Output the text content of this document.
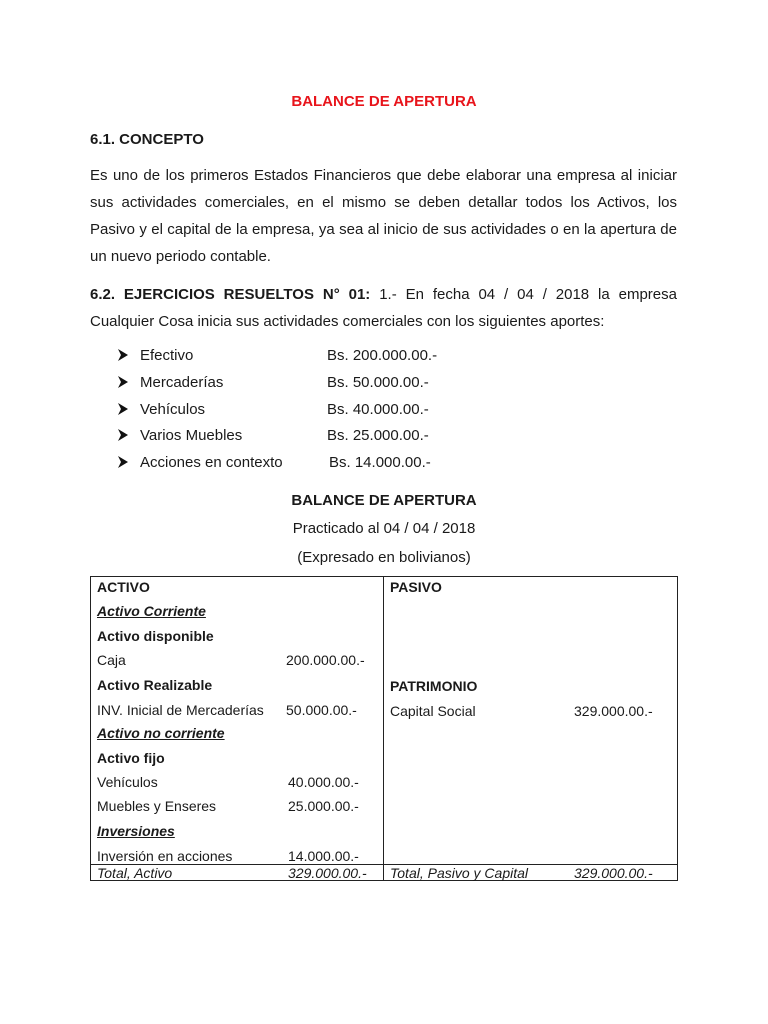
BALANCE DE APERTURA
6.1. CONCEPTO
Es uno de los primeros Estados Financieros que debe elaborar una empresa al iniciar
sus actividades comerciales, en el mismo se deben detallar todos los Activos, los
Pasivo y el capital de la empresa, ya sea al inicio de sus actividades o en la apertura de
un nuevo periodo contable.
6.2. EJERCICIOS RESUELTOS N° 01: 1.- En fecha 04 / 04 / 2018 la empresa
Cualquier Cosa inicia sus actividades comerciales con los siguientes aportes:
Efectivo	Bs. 200.000.00.-
Mercaderías	Bs. 50.000.00.-
Vehículos	Bs. 40.000.00.-
Varios Muebles	Bs. 25.000.00.-
Acciones en contexto	Bs. 14.000.00.-
BALANCE DE APERTURA
Practicado al 04 / 04 / 2018
(Expresado en bolivianos)
ACTIVO
Activo Corriente
Activo disponible
Caja	200.000.00.-
Activo Realizable
INV. Inicial de Mercaderías 50.000.00.-
Activo no corriente
Activo fijo
Vehículos	40.000.00.-
Muebles y Enseres	25.000.00.-
Inversiones
Inversión en acciones	14.000.00.-
Total, Activo	329.000.00.-
PASIVO
PATRIMONIO
Capital Social	329.000.00.-
Total, Pasivo y Capital	329.000.00.-
